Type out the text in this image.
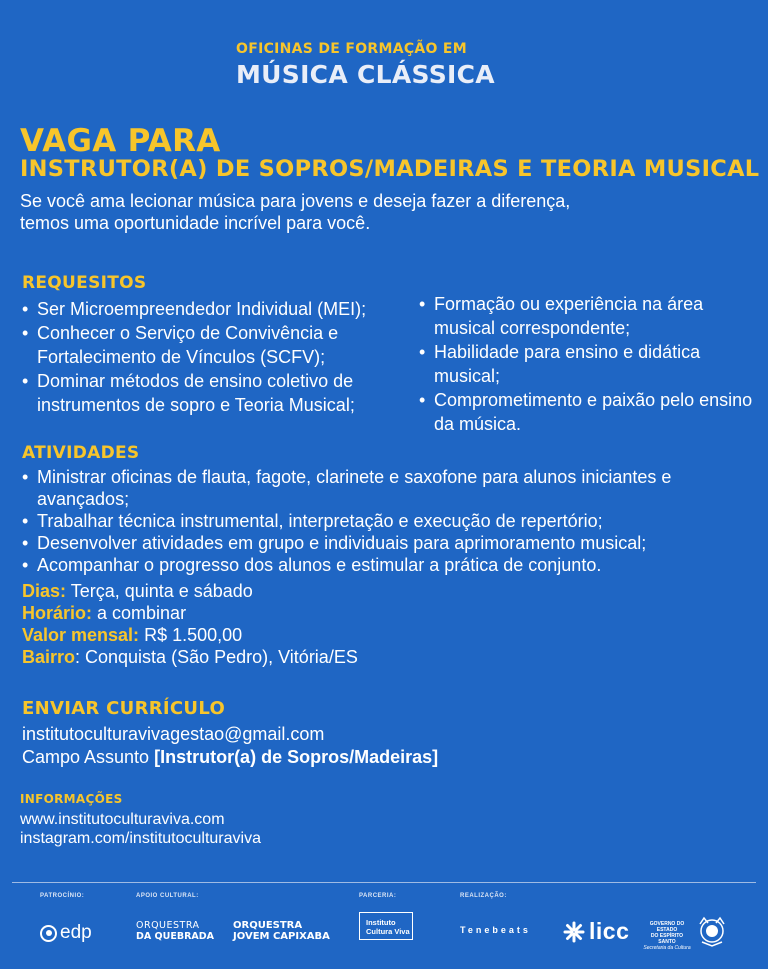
OFICINAS DE FORMAÇÃO EM
MÚSICA CLÁSSICA
VAGA PARA
INSTRUTOR(A) DE SOPROS/MADEIRAS E TEORIA MUSICAL
Se você ama lecionar música para jovens e deseja fazer a diferença,
temos uma oportunidade incrível para você.
REQUESITOS
• Ser Microempreendedor Individual (MEI);
• Conhecer o Serviço de Convivência e Fortalecimento de Vínculos (SCFV);
• Dominar métodos de ensino coletivo de instrumentos de sopro e Teoria Musical;
• Formação ou experiência na área musical correspondente;
• Habilidade para ensino e didática musical;
• Comprometimento e paixão pelo ensino da música.
ATIVIDADES
• Ministrar oficinas de flauta, fagote, clarinete e saxofone para alunos iniciantes e avançados;
• Trabalhar técnica instrumental, interpretação e execução de repertório;
• Desenvolver atividades em grupo e individuais para aprimoramento musical;
• Acompanhar o progresso dos alunos e estimular a prática de conjunto.
Dias: Terça, quinta e sábado
Horário: a combinar
Valor mensal: R$ 1.500,00
Bairro: Conquista (São Pedro), Vitória/ES
ENVIAR CURRÍCULO
institutoculturavivagestao@gmail.com
Campo Assunto [Instrutor(a) de Sopros/Madeiras]
INFORMAÇÕES
www.institutoculturaviva.com
instagram.com/institutoculturaviva
PATROCÍNIO:	APOIO CULTURAL:	PARCERIA:	REALIZAÇÃO:
edp	ORQUESTRA
DA QUEBRADA
ORQUESTRA
JOVEM CAPIXABA
Instituto
Cultura Viva	Tenebeats	licc	GOVERNO DO ESTADO
DO ESPÍRITO SANTO
Secretaria da Cultura
